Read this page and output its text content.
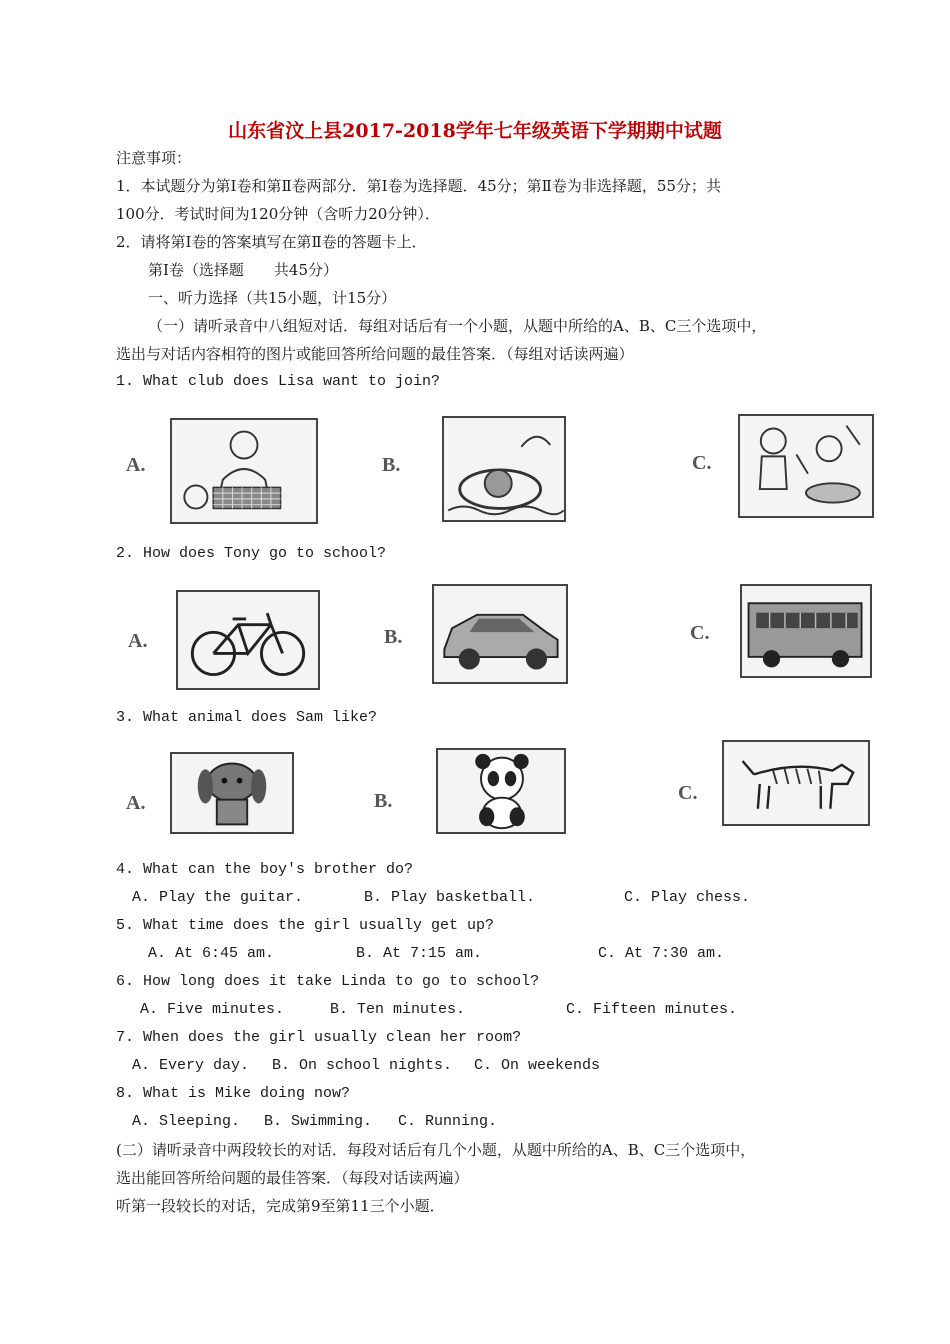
山东省汶上县2017-2018学年七年级英语下学期期中试题
注意事项：
1．本试题分为第Ⅰ卷和第Ⅱ卷两部分．第Ⅰ卷为选择题．45分；第Ⅱ卷为非选择题，55分；共
100分．考试时间为120分钟（含听力20分钟）．
2．请将第Ⅰ卷的答案填写在第Ⅱ卷的答题卡上．
第Ⅰ卷（选择题　　共45分）
一、听力选择（共15小题，计15分）
（一）请听录音中八组短对话．每组对话后有一个小题，从题中所给的A、B、C三个选项中，
选出与对话内容相符的图片或能回答所给问题的最佳答案．（每组对话读两遍）
1. What club does Lisa want to join?
A.	B.	C.
2. How does Tony go to school?
A.	B.	C.
3. What animal does Sam like?
A.	B.	C.
4. What can the boy's brother do?
A. Play the guitar.	B. Play basketball.	C. Play chess.
5. What time does the girl usually get up?
A. At 6:45 am.	B. At 7:15 am.	C. At 7:30 am.
6. How long does it take Linda to go to school?
A. Five minutes.	B. Ten minutes.	C. Fifteen minutes.
7. When does the girl usually clean her room?
A. Every day. B. On school nights. C. On weekends
8. What is Mike doing now?
A. Sleeping. B. Swimming. C. Running.
(二）请听录音中两段较长的对话．每段对话后有几个小题，从题中所给的A、B、C三个选项中，
选出能回答所给问题的最佳答案．（每段对话读两遍）
听第一段较长的对话，完成第9至第11三个小题．
